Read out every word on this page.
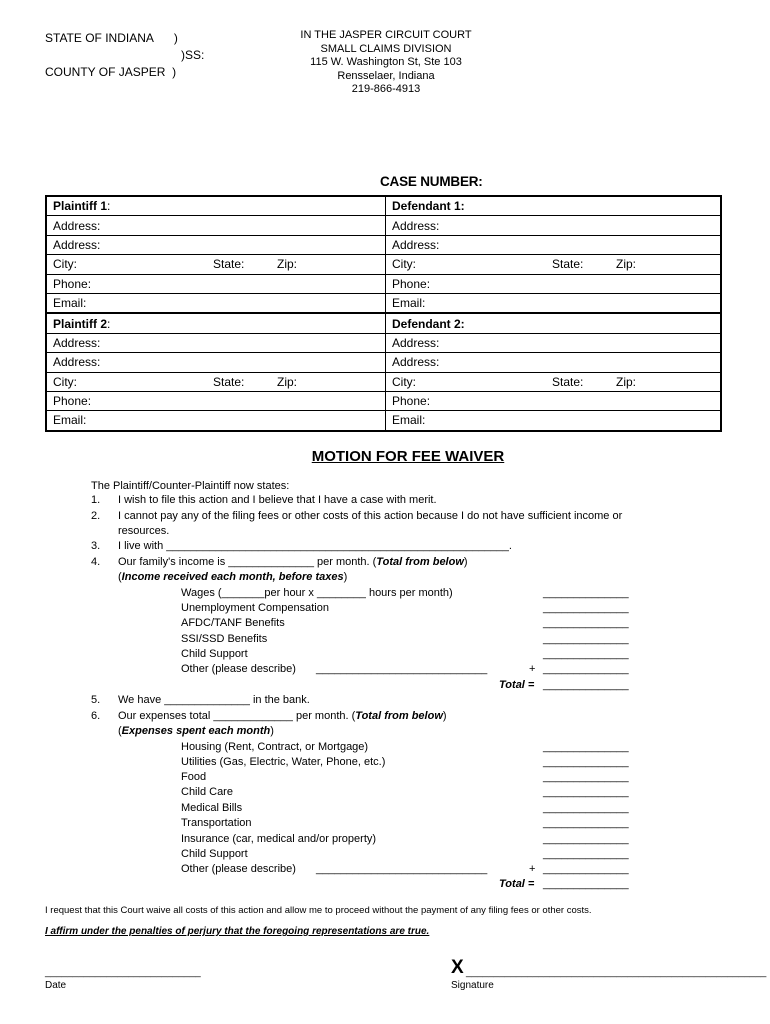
STATE OF INDIANA )
)SS:
COUNTY OF JASPER )
IN THE JASPER CIRCUIT COURT
SMALL CLAIMS DIVISION
115 W. Washington St, Ste 103
Rensselaer, Indiana
219-866-4913
CASE NUMBER:
Plaintiff 1:	Defendant 1:
Address:	Address:
Address:	Address:
City: State: Zip:	City: State: Zip:

Phone:	Phone:
Email:	Email:
Plaintiff 2:	Defendant 2:
Address:	Address:
Address:	Address:
City: State: Zip:	City: State: Zip:

Phone:	Phone:
Email:	Email:
MOTION FOR FEE WAIVER
The Plaintiff/Counter-Plaintiff now states:
1. I wish to file this action and I believe that I have a case with merit.
2. I cannot pay any of the filing fees or other costs of this action because I do not have sufficient income or
resources.
3. I live with ________________________________________________________.
4. Our family's income is ______________ per month. (Total from below)
(Income received each month, before taxes)
Wages (_______per hour x ________ hours per month)	______________
Unemployment Compensation	______________
AFDC/TANF Benefits	______________
SSI/SSD Benefits	______________
Child Support	______________
Other (please describe) ____________________________	+ ______________
Total = ______________
5. We have ______________ in the bank.
6. Our expenses total _____________ per month. (Total from below)
(Expenses spent each month)
Housing (Rent, Contract, or Mortgage)	______________
Utilities (Gas, Electric, Water, Phone, etc.)	______________
Food	______________
Child Care	______________
Medical Bills	______________
Transportation	______________
Insurance (car, medical and/or property)	______________
Child Support	______________
Other (please describe) ____________________________	+ ______________
Total = ______________
I request that this Court waive all costs of this action and allow me to proceed without the payment of any filing fees or other costs.
I affirm under the penalties of perjury that the foregoing representations are true.
____________________________
Date
X ______________________________________________________
Signature
